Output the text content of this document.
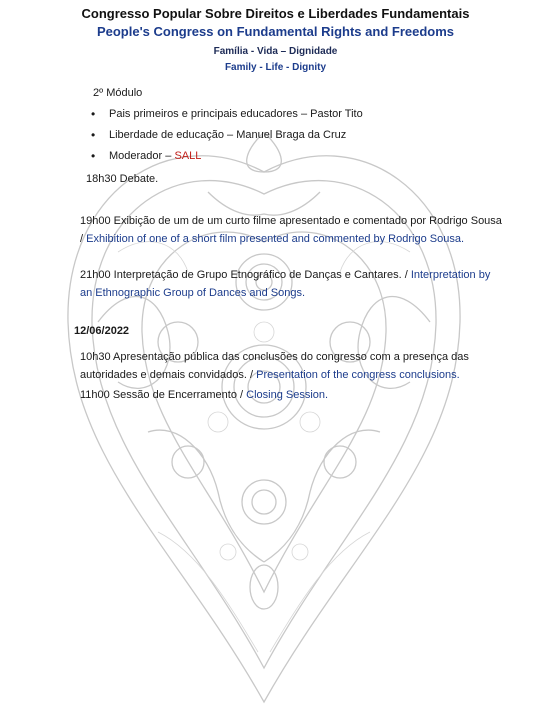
Congresso Popular Sobre Direitos e Liberdades Fundamentais
People's Congress on Fundamental Rights and Freedoms
Família - Vida – Dignidade
Family - Life - Dignity
2º Módulo
• Pais primeiros e principais educadores – Pastor Tito
• Liberdade de educação – Manuel Braga da Cruz
• Moderador – SALL
18h30 Debate.
19h00 Exibição de um de um curto filme apresentado e comentado por Rodrigo Sousa / Exhibition of one of a short film presented and commented by Rodrigo Sousa.
21h00 Interpretação de Grupo Etnográfico de Danças e Cantares. / Interpretation by an Ethnographic Group of Dances and Songs.
12/06/2022
10h30 Apresentação pública das conclusões do congresso com a presença das autoridades e demais convidados. / Presentation of the congress conclusions.
11h00 Sessão de Encerramento / Closing Session.
